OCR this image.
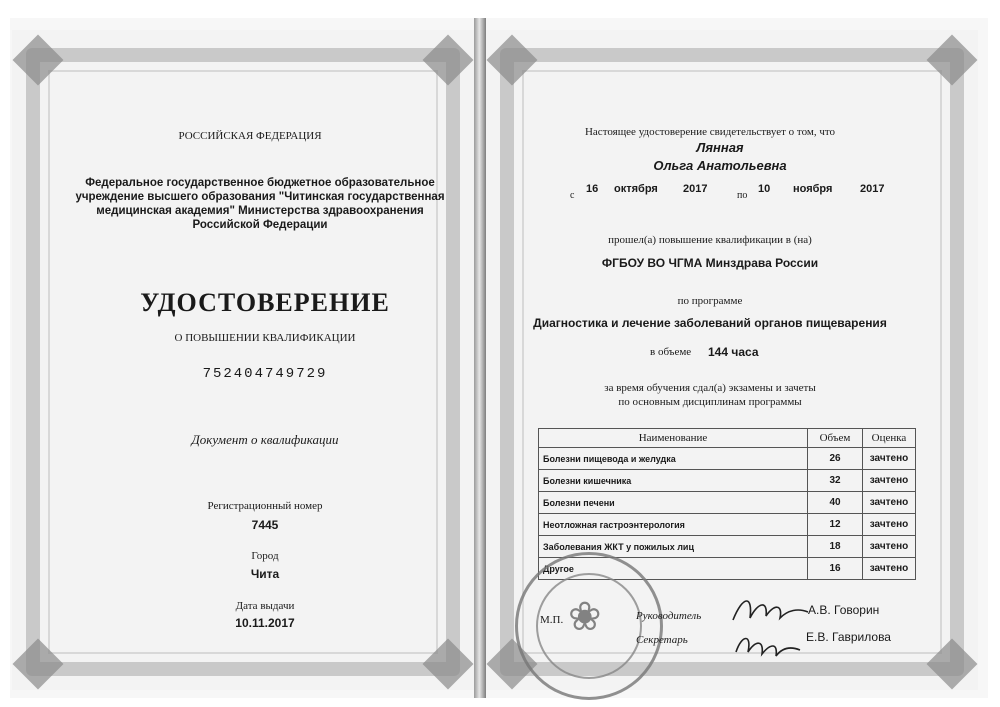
РОССИЙСКАЯ ФЕДЕРАЦИЯ
Федеральное государственное бюджетное образовательное
учреждение высшего образования "Читинская государственная
медицинская академия" Министерства здравоохранения
Российской Федерации
УДОСТОВЕРЕНИЕ
О ПОВЫШЕНИИ КВАЛИФИКАЦИИ
752404749729
Документ о квалификации
Регистрационный номер
7445
Город
Чита
Дата выдачи
10.11.2017
Настоящее удостоверение свидетельствует о том, что
Лянная
Ольга Анатольевна
с
16 октября 2017
по
10 ноября	2017
прошел(а) повышение квалификации в (на)
ФГБОУ ВО ЧГМА Минздрава России
по программе
Диагностика и лечение заболеваний органов пищеварения
в объеме 144 часа
за время обучения сдал(а) экзамены и зачеты
по основным дисциплинам программы
Наименование	Объем	Оценка
Болезни пищевода и желудка	26	зачтено
Болезни кишечника	32	зачтено
Болезни печени	40	зачтено
Неотложная гастроэнтерология	12	зачтено
Заболевания ЖКТ у пожилых лиц	18	зачтено
Другое	16	зачтено
❀
М.П.	Руководитель
Секретарь
А.В. Говорин
Е.В. Гаврилова
